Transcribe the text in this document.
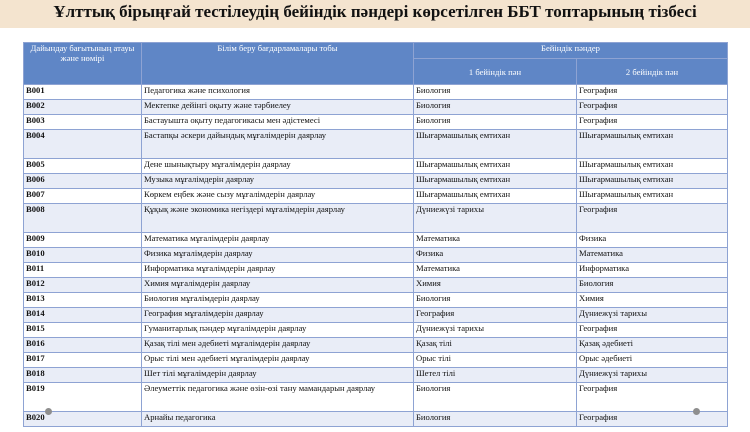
Ұлттық бірыңғай тестілеудің бейіндік пәндері көрсетілген ББТ топтарының тізбесі
Дайындау бағытының атауы және нөмірі	Білім беру бағдарламалары тобы	Бейіндік пәндер	
		1 бейіндік пән	2 бейіндік пән
B001	Педагогика және психология	Биология	География
B002	Мектепке дейінгі оқыту және тәрбиелеу	Биология	География
B003	Бастауышта оқыту педагогикасы мен әдістемесі	Биология	География
B004	Бастапқы әскери дайындық мұғалімдерін даярлау	Шығармашылық емтихан	Шығармашылық емтихан
B005	Дене шынықтыру мұғалімдерін даярлау	Шығармашылық емтихан	Шығармашылық емтихан
B006	Музыка мұғалімдерін даярлау	Шығармашылық емтихан	Шығармашылық емтихан
B007	Көркем еңбек және сызу мұғалімдерін даярлау	Шығармашылық емтихан	Шығармашылық емтихан
B008	Құқық және экономика негіздері мұғалімдерін даярлау	Дүниежүзі тарихы	География
B009	Математика мұғалімдерін даярлау	Математика	Физика
B010	Физика мұғалімдерін даярлау	Физика	Математика
B011	Информатика мұғалімдерін даярлау	Математика	Информатика
B012	Химия мұғалімдерін даярлау	Химия	Биология
B013	Биология мұғалімдерін даярлау	Биология	Химия
B014	География мұғалімдерін даярлау	География	Дүниежүзі тарихы
B015	Гуманитарлық пәндер мұғалімдерін даярлау	Дүниежүзі тарихы	География
B016	Қазақ тілі мен әдебиеті мұғалімдерін даярлау	Қазақ тілі	Қазақ әдебиеті
B017	Орыс тілі мен әдебиеті мұғалімдерін даярлау	Орыс тілі	Орыс әдебиеті
B018	Шет тілі мұғалімдерін даярлау	Шетел тілі	Дүниежүзі тарихы
B019	Әлеуметтік педагогика және өзін-өзі тану мамандарын даярлау	Биология	География
B020	Арнайы педагогика	Биология	География
